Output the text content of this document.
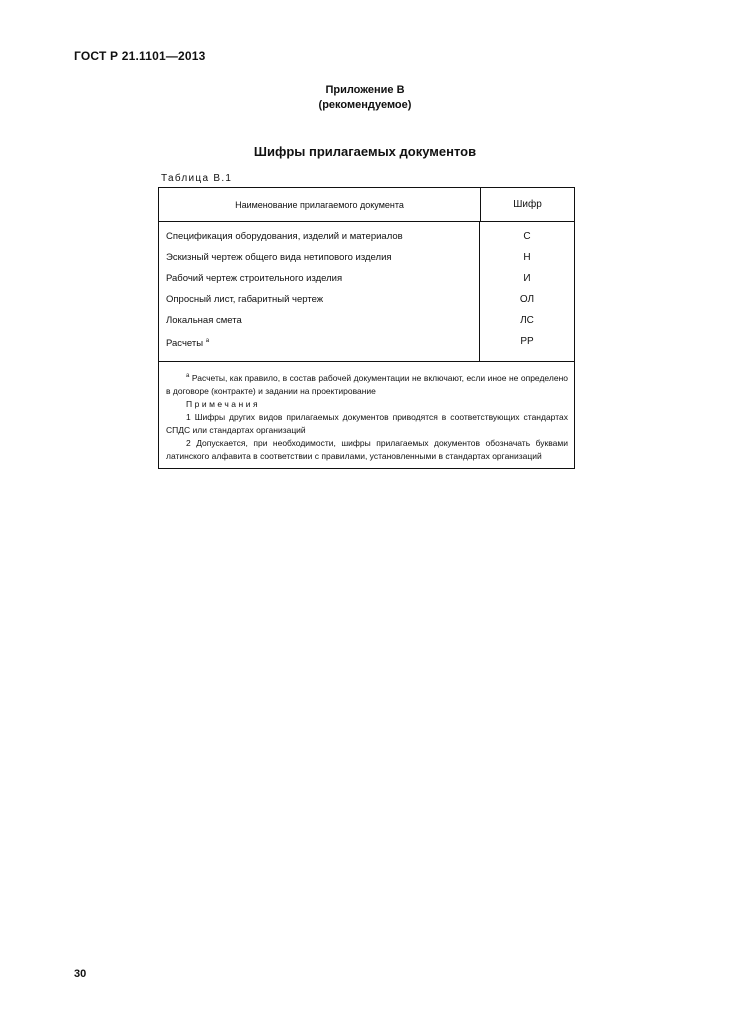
ГОСТ Р 21.1101—2013
Приложение В
(рекомендуемое)
Шифры прилагаемых документов
Таблица В.1
Наименование прилагаемого документа	Шифр
Спецификация оборудования, изделий и материалов
Эскизный чертеж общего вида нетипового изделия
Рабочий чертеж строительного изделия
Опросный лист, габаритный чертеж
Локальная смета
Расчеты $^а$
С
Н
И
ОЛ
ЛС
РР

$^а$ Расчеты, как правило, в состав рабочей документации не включают, если иное не определено в договоре (контракте) и задании на проектирование

Примечания

1 Шифры других видов прилагаемых документов приводятся в соответствующих стандартах СПДС или стандартах организаций

2 Допускается, при необходимости, шифры прилагаемых документов обозначать буквами латинского алфавита в соответствии с правилами, установленными в стандартах организаций

30
